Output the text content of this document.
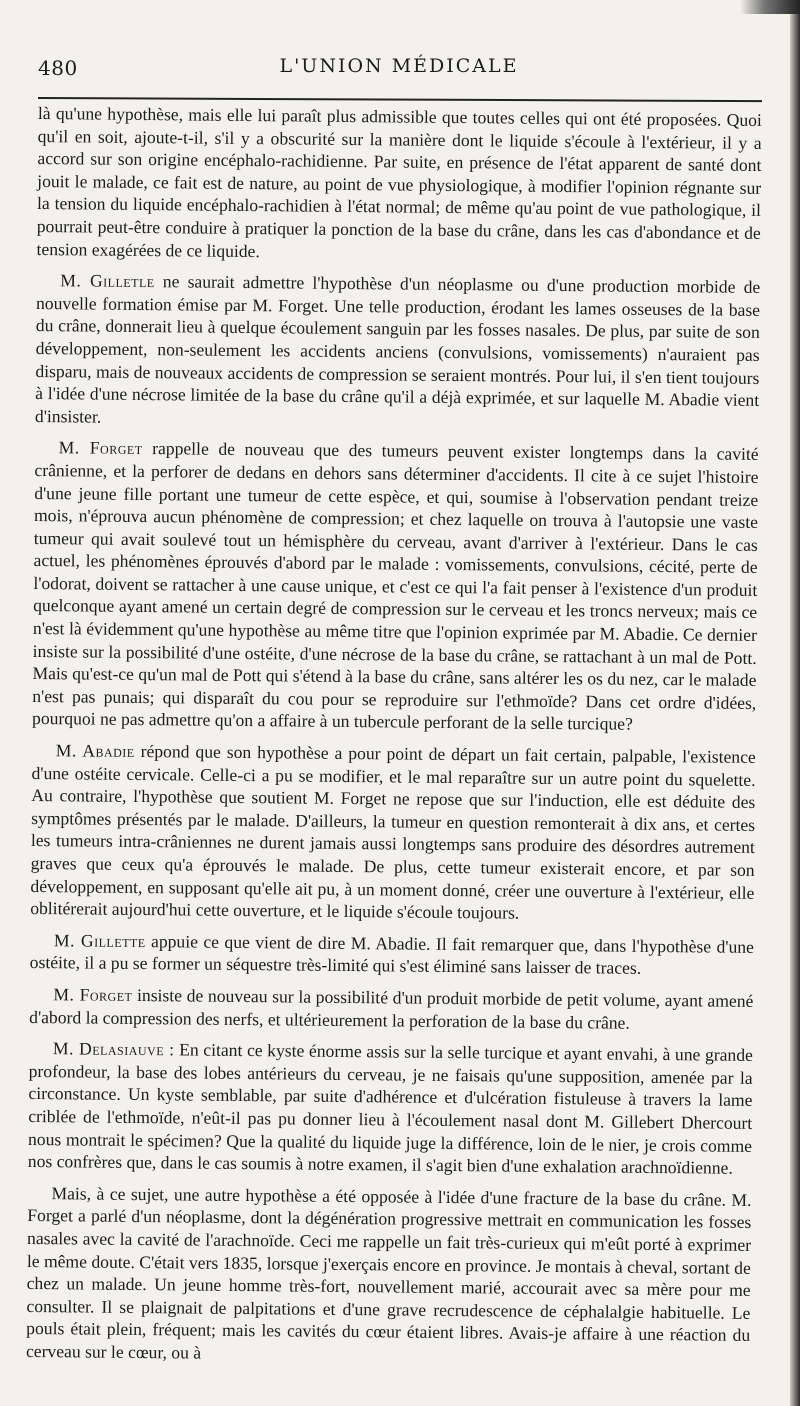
480	L'UNION MÉDICALE

là qu'une hypothèse, mais elle lui paraît plus admissible que toutes celles qui ont été proposées. Quoi qu'il en soit, ajoute-t-il, s'il y a obscurité sur la manière dont le liquide s'écoule à l'extérieur, il y a accord sur son origine encéphalo-rachidienne. Par suite, en présence de l'état apparent de santé dont jouit le malade, ce fait est de nature, au point de vue physiologique, à modifier l'opinion régnante sur la tension du liquide encéphalo-rachidien à l'état normal; de même qu'au point de vue pathologique, il pourrait peut-être conduire à pratiquer la ponction de la base du crâne, dans les cas d'abondance et de tension exagérées de ce liquide.

M. Gilletle ne saurait admettre l'hypothèse d'un néoplasme ou d'une production morbide de nouvelle formation émise par M. Forget. Une telle production, érodant les lames osseuses de la base du crâne, donnerait lieu à quelque écoulement sanguin par les fosses nasales. De plus, par suite de son développement, non-seulement les accidents anciens (convulsions, vomissements) n'auraient pas disparu, mais de nouveaux accidents de compression se seraient montrés. Pour lui, il s'en tient toujours à l'idée d'une nécrose limitée de la base du crâne qu'il a déjà exprimée, et sur laquelle M. Abadie vient d'insister.

M. Forget rappelle de nouveau que des tumeurs peuvent exister longtemps dans la cavité crânienne, et la perforer de dedans en dehors sans déterminer d'accidents. Il cite à ce sujet l'histoire d'une jeune fille portant une tumeur de cette espèce, et qui, soumise à l'observation pendant treize mois, n'éprouva aucun phénomène de compression; et chez laquelle on trouva à l'autopsie une vaste tumeur qui avait soulevé tout un hémisphère du cerveau, avant d'arriver à l'extérieur. Dans le cas actuel, les phénomènes éprouvés d'abord par le malade : vomissements, convulsions, cécité, perte de l'odorat, doivent se rattacher à une cause unique, et c'est ce qui l'a fait penser à l'existence d'un produit quelconque ayant amené un certain degré de compression sur le cerveau et les troncs nerveux; mais ce n'est là évidemment qu'une hypothèse au même titre que l'opinion exprimée par M. Abadie. Ce dernier insiste sur la possibilité d'une ostéite, d'une nécrose de la base du crâne, se rattachant à un mal de Pott. Mais qu'est-ce qu'un mal de Pott qui s'étend à la base du crâne, sans altérer les os du nez, car le malade n'est pas punais; qui disparaît du cou pour se reproduire sur l'ethmoïde? Dans cet ordre d'idées, pourquoi ne pas admettre qu'on a affaire à un tubercule perforant de la selle turcique?

M. Abadie répond que son hypothèse a pour point de départ un fait certain, palpable, l'existence d'une ostéite cervicale. Celle-ci a pu se modifier, et le mal reparaître sur un autre point du squelette. Au contraire, l'hypothèse que soutient M. Forget ne repose que sur l'induction, elle est déduite des symptômes présentés par le malade. D'ailleurs, la tumeur en question remonterait à dix ans, et certes les tumeurs intra-crâniennes ne durent jamais aussi longtemps sans produire des désordres autrement graves que ceux qu'a éprouvés le malade. De plus, cette tumeur existerait encore, et par son développement, en supposant qu'elle ait pu, à un moment donné, créer une ouverture à l'extérieur, elle oblitérerait aujourd'hui cette ouverture, et le liquide s'écoule toujours.

M. Gillette appuie ce que vient de dire M. Abadie. Il fait remarquer que, dans l'hypothèse d'une ostéite, il a pu se former un séquestre très-limité qui s'est éliminé sans laisser de traces.

M. Forget insiste de nouveau sur la possibilité d'un produit morbide de petit volume, ayant amené d'abord la compression des nerfs, et ultérieurement la perforation de la base du crâne.

M. Delasiauve : En citant ce kyste énorme assis sur la selle turcique et ayant envahi, à une grande profondeur, la base des lobes antérieurs du cerveau, je ne faisais qu'une supposition, amenée par la circonstance. Un kyste semblable, par suite d'adhérence et d'ulcération fistuleuse à travers la lame criblée de l'ethmoïde, n'eût-il pas pu donner lieu à l'écoulement nasal dont M. Gillebert Dhercourt nous montrait le spécimen? Que la qualité du liquide juge la différence, loin de le nier, je crois comme nos confrères que, dans le cas soumis à notre examen, il s'agit bien d'une exhalation arachnoïdienne.

Mais, à ce sujet, une autre hypothèse a été opposée à l'idée d'une fracture de la base du crâne. M. Forget a parlé d'un néoplasme, dont la dégénération progressive mettrait en communication les fosses nasales avec la cavité de l'arachnoïde. Ceci me rappelle un fait très-curieux qui m'eût porté à exprimer le même doute. C'était vers 1835, lorsque j'exerçais encore en province. Je montais à cheval, sortant de chez un malade. Un jeune homme très-fort, nouvellement marié, accourait avec sa mère pour me consulter. Il se plaignait de palpitations et d'une grave recrudescence de céphalalgie habituelle. Le pouls était plein, fréquent; mais les cavités du cœur étaient libres. Avais-je affaire à une réaction du cerveau sur le cœur, ou à
